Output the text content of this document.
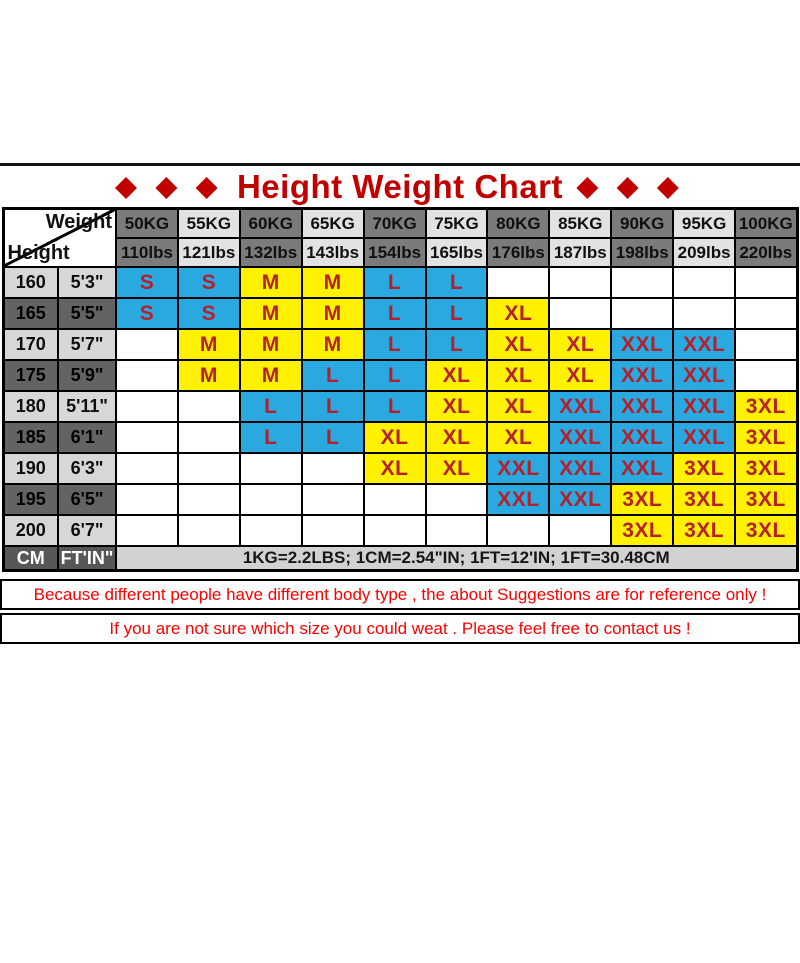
◆ ◆ ◆ Height Weight Chart ◆ ◆ ◆
Weight
Height		50KG	55KG	60KG	65KG	70KG	75KG	80KG	85KG	90KG	95KG	100KG
		110lbs	121lbs	132lbs	143lbs	154lbs	165lbs	176lbs	187lbs	198lbs	209lbs	220lbs
160	5'3"	S	S	M	M	L	L					
165	5'5"	S	S	M	M	L	L	XL				
170	5'7"		M	M	M	L	L	XL	XL	XXL	XXL	
175	5'9"		M	M	L	L	XL	XL	XL	XXL	XXL	
180	5'11"			L	L	L	XL	XL	XXL	XXL	XXL	3XL
185	6'1"			L	L	XL	XL	XL	XXL	XXL	XXL	3XL
190	6'3"					XL	XL	XXL	XXL	XXL	3XL	3XL
195	6'5"							XXL	XXL	3XL	3XL	3XL
200	6'7"									3XL	3XL	3XL
CM	FT'IN"	1KG=2.2LBS; 1CM=2.54"IN; 1FT=12'IN; 1FT=30.48CM										
Because different people have different body type , the about Suggestions are for reference only !
If you are not sure which size you could weat . Please feel free to contact us !
